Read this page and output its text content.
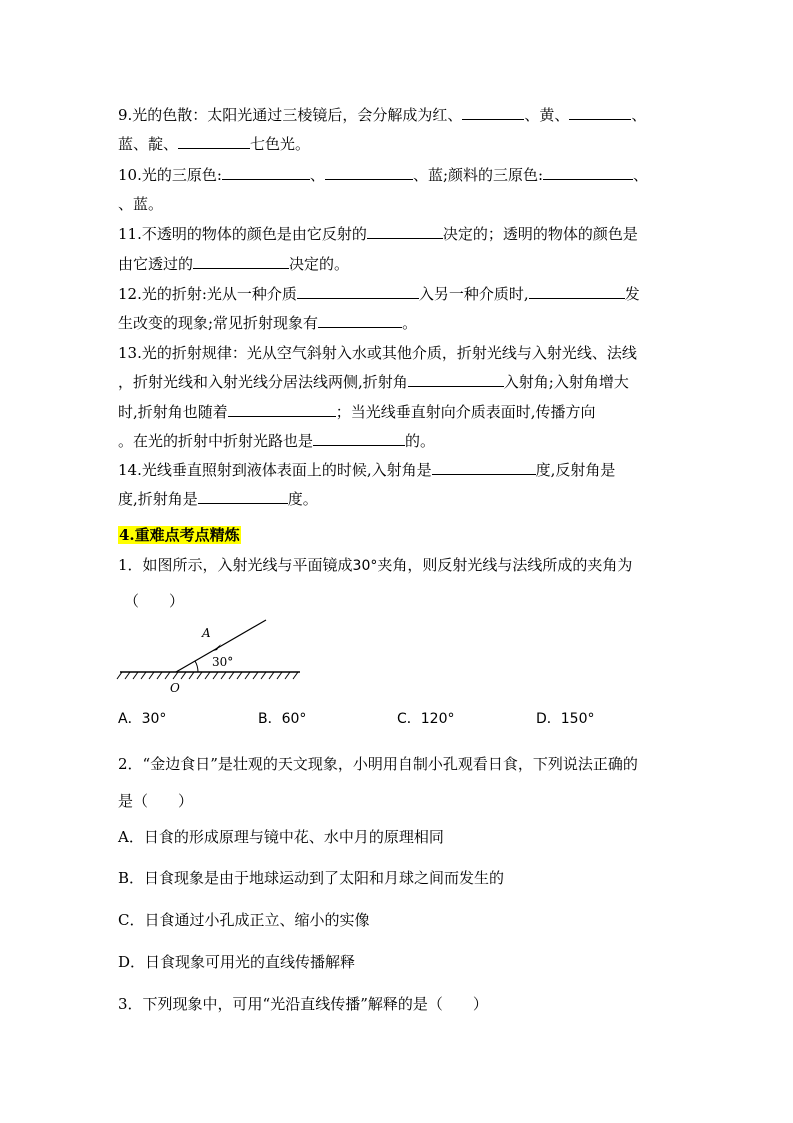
9.光的色散：太阳光通过三棱镜后，会分解成为红、	、黄、	、
蓝、靛、	七色光。
10.光的三原色:	、	、蓝;颜料的三原色:	、
、蓝。
11.不透明的物体的颜色是由它反射的	决定的；透明的物体的颜色是
由它透过的	决定的。
12.光的折射:光从一种介质	入另一种介质时,	发
生改变的现象;常见折射现象有	。
13.光的折射规律：光从空气斜射入水或其他介质，折射光线与入射光线、法线
，折射光线和入射光线分居法线两侧,折射角	入射角;入射角增大
时,折射角也随着	；当光线垂直射向介质表面时,传播方向
。在光的折射中折射光路也是	的。
14.光线垂直照射到液体表面上的时候,入射角是	度,反射角是
度,折射角是	度。
4.重难点考点精炼
1．如图所示，入射光线与平面镜成30°夹角，则反射光线与法线所成的夹角为
（　　）
A
30°
O
A．30°	B．60°	C．120°	D．150°
2．“金边食日”是壮观的天文现象，小明用自制小孔观看日食，下列说法正确的
是（　　）
A．日食的形成原理与镜中花、水中月的原理相同
B．日食现象是由于地球运动到了太阳和月球之间而发生的
C．日食通过小孔成正立、缩小的实像
D．日食现象可用光的直线传播解释
3．下列现象中，可用“光沿直线传播”解释的是（　　）
